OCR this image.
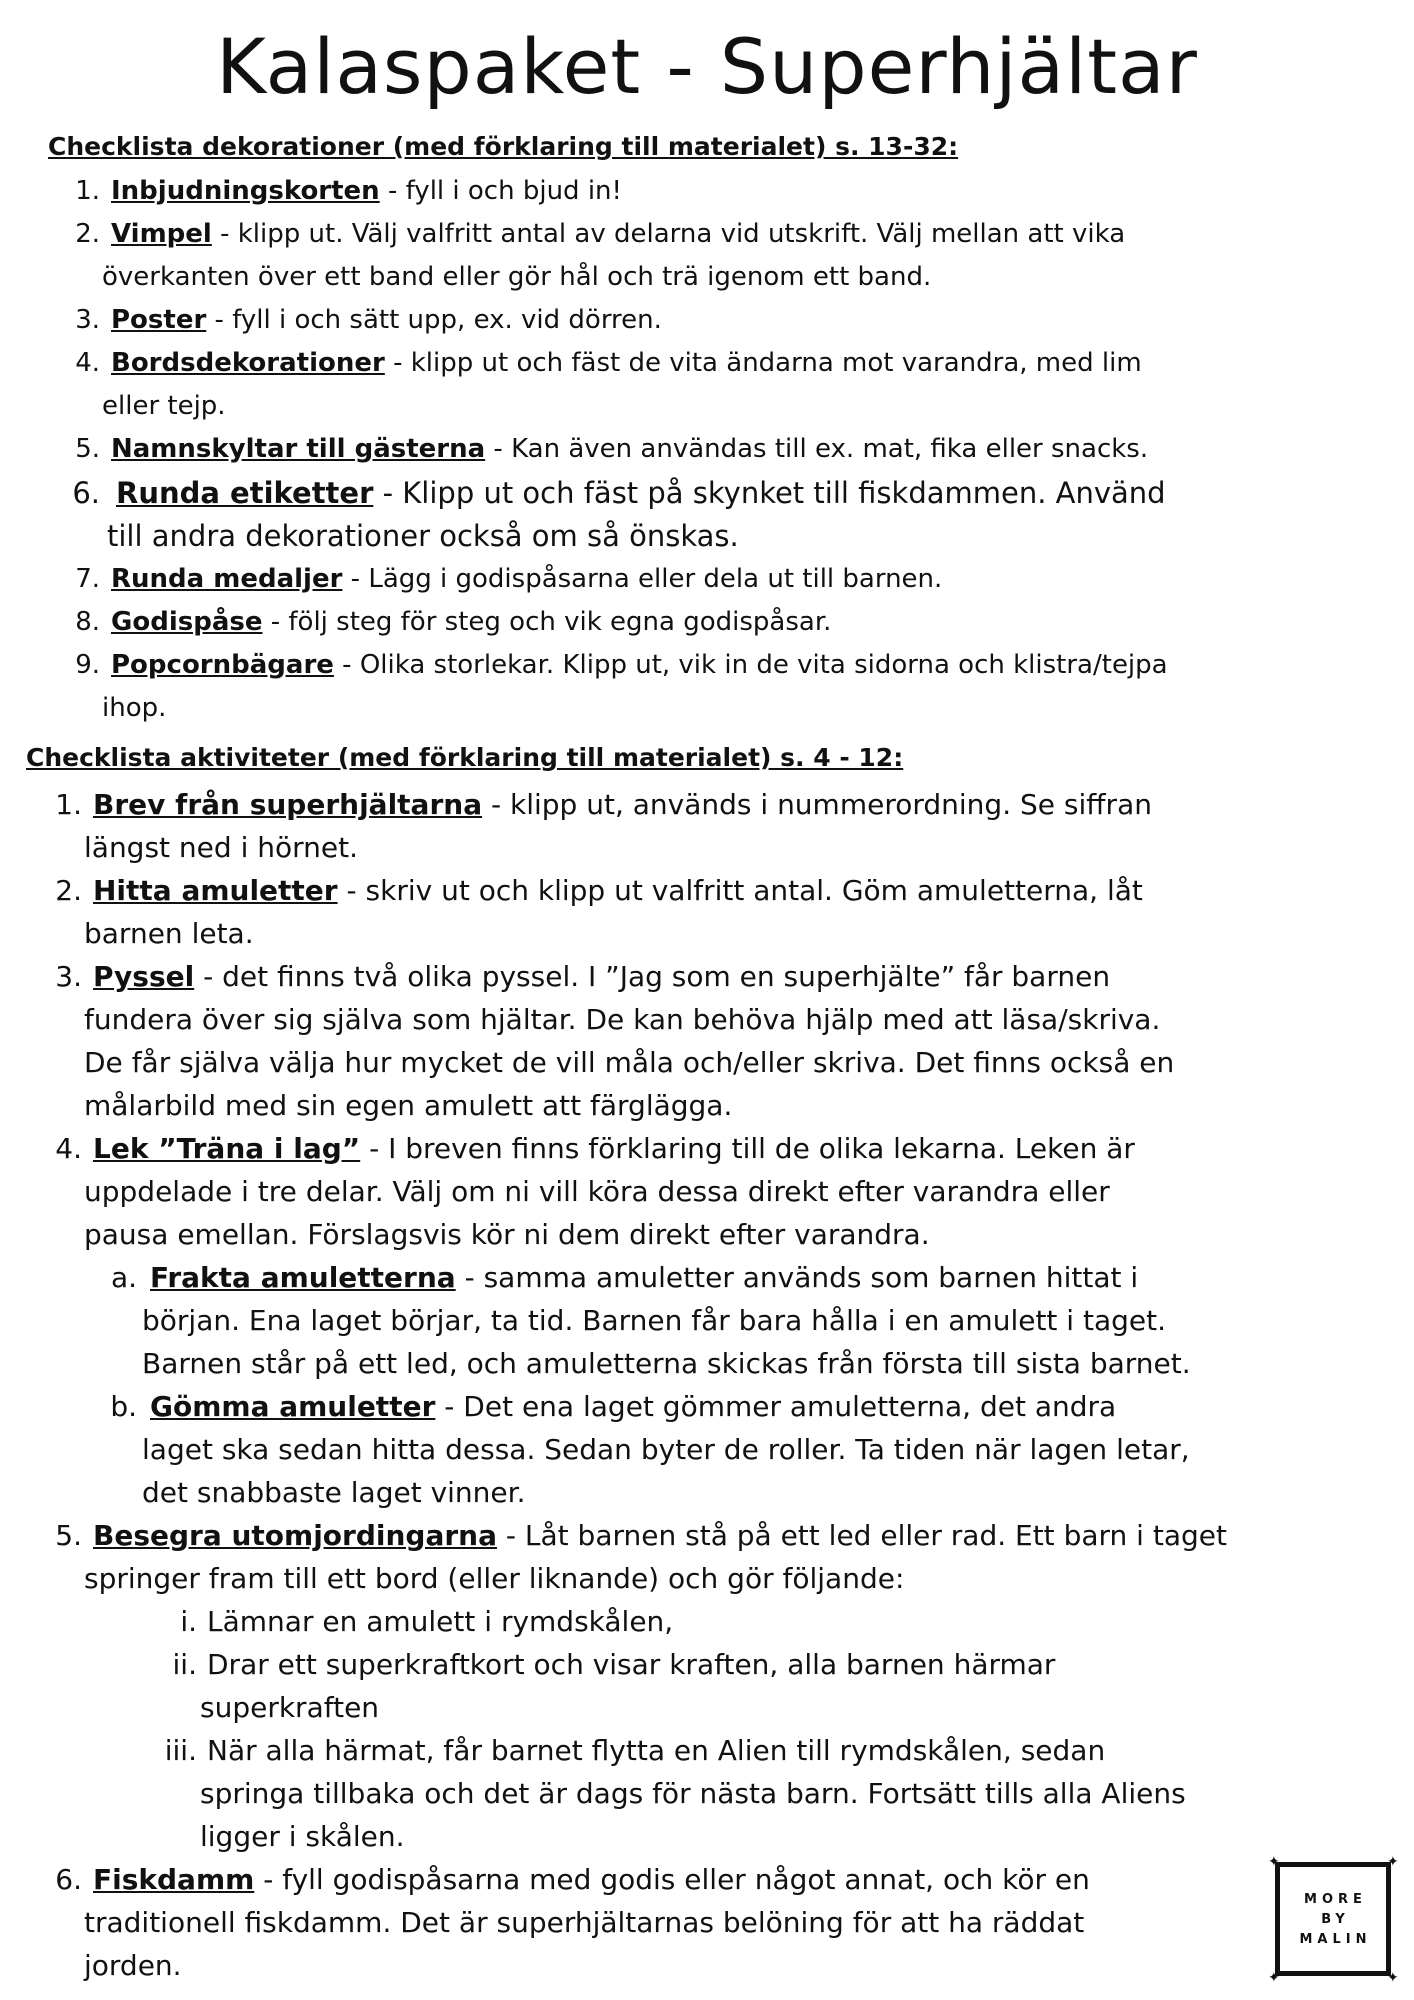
Kalaspaket - Superhjältar
Checklista dekorationer (med förklaring till materialet) s. 13-32:
1. Inbjudningskorten - fyll i och bjud in!
2. Vimpel - klipp ut. Välj valfritt antal av delarna vid utskrift. Välj mellan att vika
överkanten över ett band eller gör hål och trä igenom ett band.
3. Poster - fyll i och sätt upp, ex. vid dörren.
4. Bordsdekorationer - klipp ut och fäst de vita ändarna mot varandra, med lim
eller tejp.
5. Namnskyltar till gästerna - Kan även användas till ex. mat, fika eller snacks.
6. Runda etiketter - Klipp ut och fäst på skynket till fiskdammen. Använd
till andra dekorationer också om så önskas.
7. Runda medaljer - Lägg i godispåsarna eller dela ut till barnen.
8. Godispåse - följ steg för steg och vik egna godispåsar.
9. Popcornbägare - Olika storlekar. Klipp ut, vik in de vita sidorna och klistra/tejpa
ihop.
Checklista aktiviteter (med förklaring till materialet) s. 4 - 12:
1. Brev från superhjältarna - klipp ut, används i nummerordning. Se siffran
längst ned i hörnet.
2. Hitta amuletter - skriv ut och klipp ut valfritt antal. Göm amuletterna, låt
barnen leta.
3. Pyssel - det finns två olika pyssel. I ”Jag som en superhjälte” får barnen
fundera över sig själva som hjältar. De kan behöva hjälp med att läsa/skriva.
De får själva välja hur mycket de vill måla och/eller skriva. Det finns också en
målarbild med sin egen amulett att färglägga.
4. Lek ”Träna i lag” - I breven finns förklaring till de olika lekarna. Leken är
uppdelade i tre delar. Välj om ni vill köra dessa direkt efter varandra eller
pausa emellan. Förslagsvis kör ni dem direkt efter varandra.
a. Frakta amuletterna - samma amuletter används som barnen hittat i
början. Ena laget börjar, ta tid. Barnen får bara hålla i en amulett i taget.
Barnen står på ett led, och amuletterna skickas från första till sista barnet.
b. Gömma amuletter - Det ena laget gömmer amuletterna, det andra
laget ska sedan hitta dessa. Sedan byter de roller. Ta tiden när lagen letar,
det snabbaste laget vinner.
5. Besegra utomjordingarna - Låt barnen stå på ett led eller rad. Ett barn i taget
springer fram till ett bord (eller liknande) och gör följande:
i. Lämnar en amulett i rymdskålen,
ii. Drar ett superkraftkort och visar kraften, alla barnen härmar
superkraften
iii. När alla härmat, får barnet flytta en Alien till rymdskålen, sedan
springa tillbaka och det är dags för nästa barn. Fortsätt tills alla Aliens
ligger i skålen.
6. Fiskdamm - fyll godispåsarna med godis eller något annat, och kör en
traditionell fiskdamm. Det är superhjältarnas belöning för att ha räddat
jorden.
✦	✦
✦	✦
MORE
BY
MALIN
